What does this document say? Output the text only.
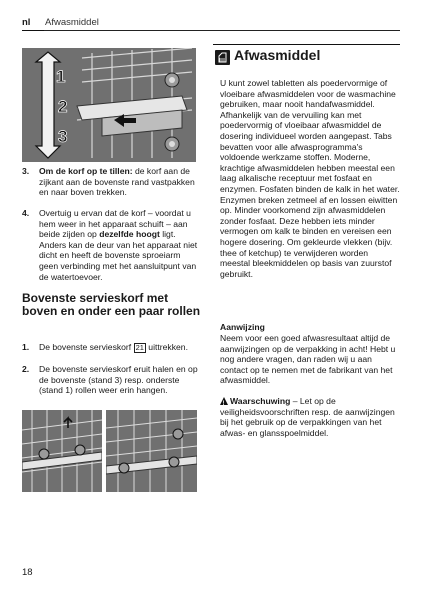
nl Afwasmiddel
1
2
3
3. Om de korf op te tillen: de korf aan de zijkant aan de bovenste rand vastpakken en naar boven trekken.
4. Overtuig u ervan dat de korf – voordat u hem weer in het apparaat schuift – aan beide zijden op dezelfde hoogt ligt. Anders kan de deur van het apparaat niet dicht en heeft de bovenste sproeiarm geen verbinding met het aansluitpunt van de watertoevoer.
Bovenste servieskorf met boven en onder een paar rollen
1. De bovenste servieskorf 21 uittrekken.
2. De bovenste servieskorf eruit halen en op de bovenste (stand 3) resp. onderste (stand 1) rollen weer erin hangen.
Afwasmiddel
U kunt zowel tabletten als poedervormige of vloeibare afwasmiddelen voor de wasmachine gebruiken, maar nooit handafwasmiddel. Afhankelijk van de vervuiling kan met poedervormig of vloeibaar afwasmiddel de dosering individueel worden aangepast. Tabs bevatten voor alle afwasprogramma's voldoende werkzame stoffen. Moderne, krachtige afwasmiddelen hebben meestal een laag alkalische receptuur met fosfaat en enzymen. Fosfaten binden de kalk in het water. Enzymen breken zetmeel af en lossen eiwitten op. Minder voorkomend zijn afwasmiddelen zonder fosfaat. Deze hebben iets minder vermogen om kalk te binden en vereisen een hogere dosering. Om gekleurde vlekken (bijv. thee of ketchup) te verwijderen worden meestal bleekmiddelen op basis van zuurstof gebruikt.
Aanwijzing
Neem voor een goed afwasresultaat altijd de aanwijzingen op de verpakking in acht! Hebt u nog andere vragen, dan raden wij u aan contact op te nemen met de fabrikant van het afwasmiddel.
!Waarschuwing – Let op de veiligheidsvoorschriften resp. de aanwijzingen bij het gebruik op de verpakkingen van het afwas- en glansspoelmiddel.
18
